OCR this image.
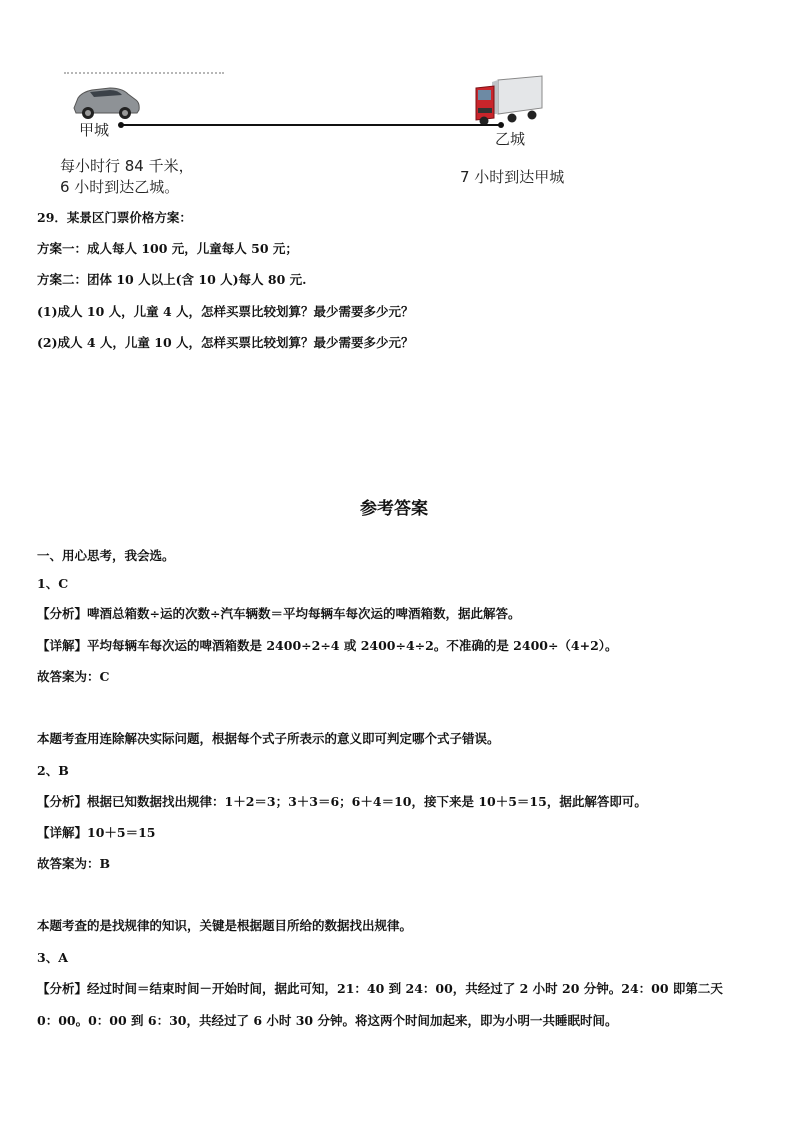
甲城	乙城
每小时行 84 千米，
6 小时到达乙城。
7 小时到达甲城
29．某景区门票价格方案：
方案一：成人每人 100 元，儿童每人 50 元；
方案二：团体 10 人以上(含 10 人)每人 80 元.
(1)成人 10 人，儿童 4 人，怎样买票比较划算？最少需要多少元？
(2)成人 4 人，儿童 10 人，怎样买票比较划算？最少需要多少元？
参考答案
一、用心思考，我会选。
1、C
【分析】啤酒总箱数÷运的次数÷汽车辆数＝平均每辆车每次运的啤酒箱数，据此解答。
【详解】平均每辆车每次运的啤酒箱数是 2400÷2÷4 或 2400÷4÷2。不准确的是 2400÷（4+2）。
故答案为：C
本题考查用连除解决实际问题，根据每个式子所表示的意义即可判定哪个式子错误。
2、B
【分析】根据已知数据找出规律：1＋2＝3；3＋3＝6；6＋4＝10，接下来是 10＋5＝15，据此解答即可。
【详解】10＋5＝15
故答案为：B
本题考查的是找规律的知识，关键是根据题目所给的数据找出规律。
3、A
【分析】经过时间＝结束时间－开始时间，据此可知，21：40 到 24：00，共经过了 2 小时 20 分钟。24：00 即第二天
0：00。0：00 到 6：30，共经过了 6 小时 30 分钟。将这两个时间加起来，即为小明一共睡眠时间。
